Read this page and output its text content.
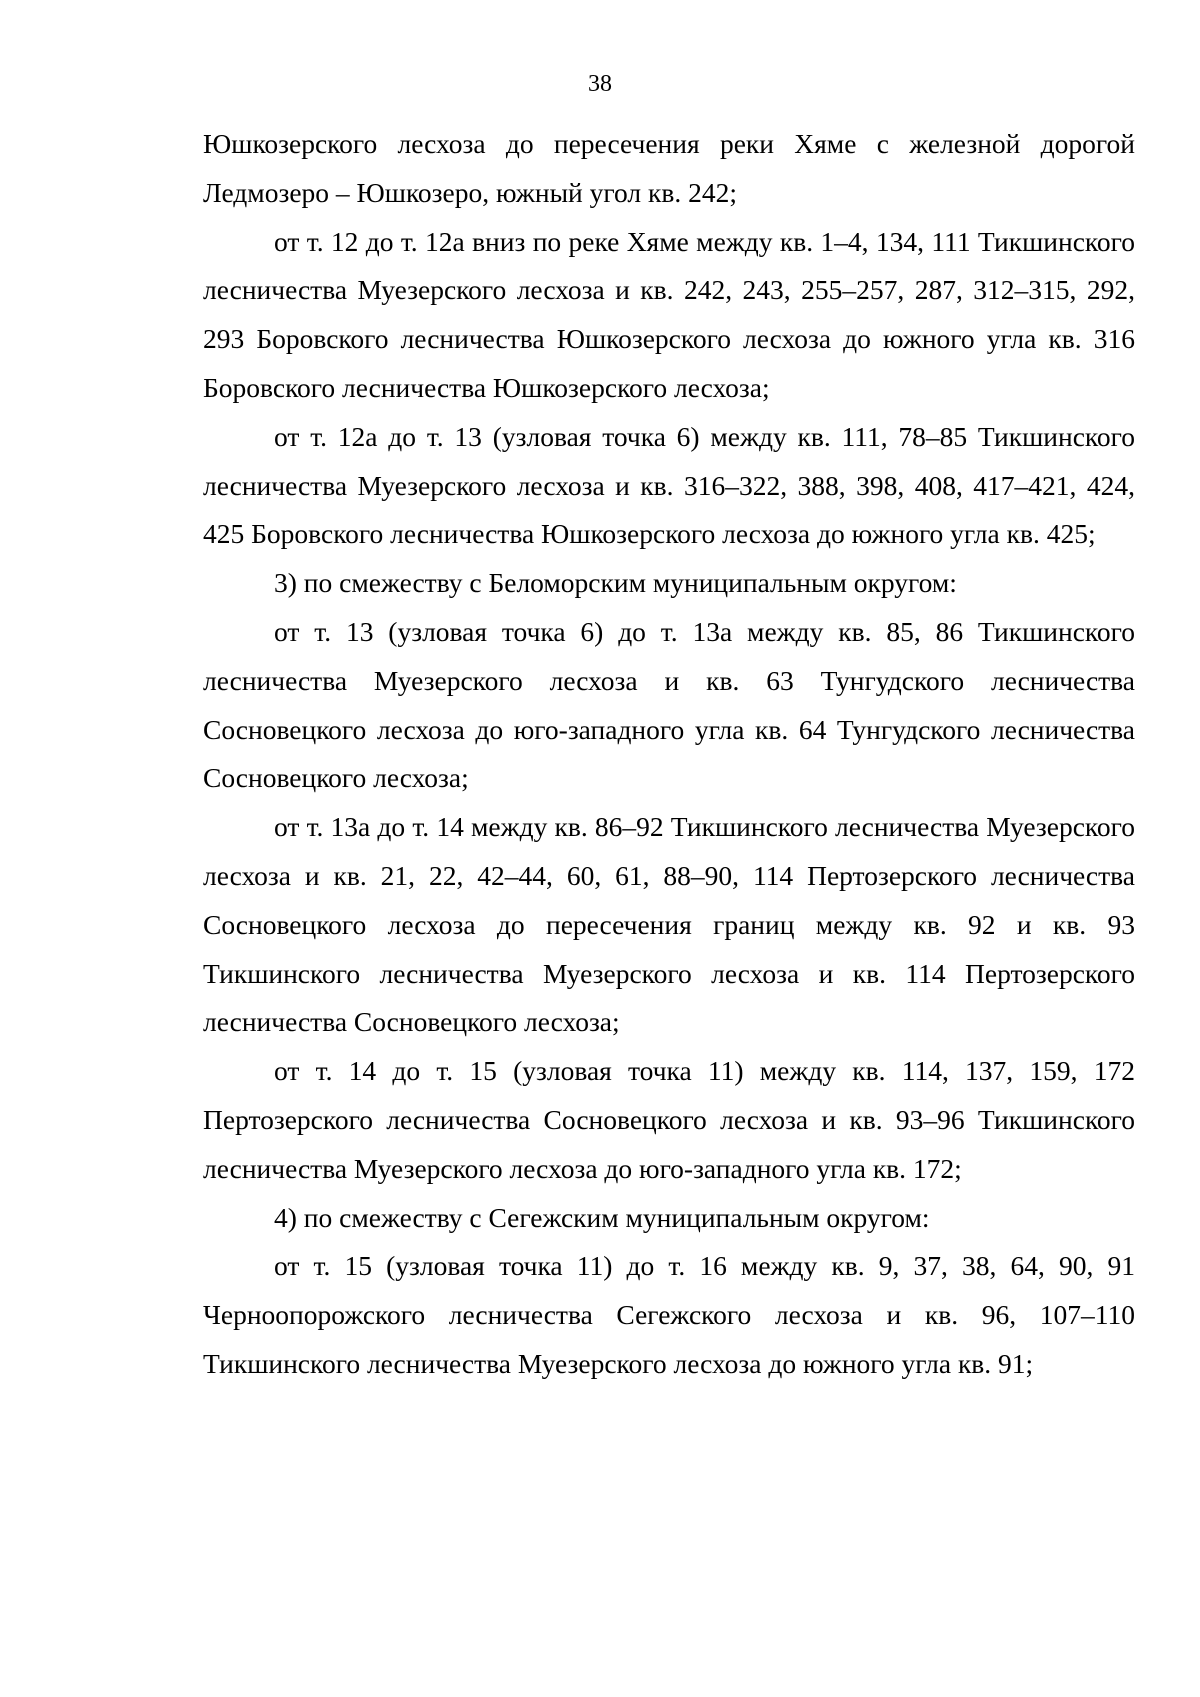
38

Юшкозерского лесхоза до пересечения реки Хяме с железной дорогой Ледмозеро – Юшкозеро, южный угол кв. 242;

от т. 12 до т. 12а вниз по реке Хяме между кв. 1–4, 134, 111 Тикшинского лесничества Муезерского лесхоза и кв. 242, 243, 255–257, 287, 312–315, 292, 293 Боровского лесничества Юшкозерского лесхоза до южного угла кв. 316 Боровского лесничества Юшкозерского лесхоза;

от т. 12а до т. 13 (узловая точка 6) между кв. 111, 78–85 Тикшинского лесничества Муезерского лесхоза и кв. 316–322, 388, 398, 408, 417–421, 424, 425 Боровского лесничества Юшкозерского лесхоза до южного угла кв. 425;

3) по смежеству с Беломорским муниципальным округом:

от т. 13 (узловая точка 6) до т. 13а между кв. 85, 86 Тикшинского лесничества Муезерского лесхоза и кв. 63 Тунгудского лесничества Сосновецкого лесхоза до юго-западного угла кв. 64 Тунгудского лесничества Сосновецкого лесхоза;

от т. 13а до т. 14 между кв. 86–92 Тикшинского лесничества Муезерского лесхоза и кв. 21, 22, 42–44, 60, 61, 88–90, 114 Пертозерского лесничества Сосновецкого лесхоза до пересечения границ между кв. 92 и кв. 93 Тикшинского лесничества Муезерского лесхоза и кв. 114 Пертозерского лесничества Сосновецкого лесхоза;

от т. 14 до т. 15 (узловая точка 11) между кв. 114, 137, 159, 172 Пертозерского лесничества Сосновецкого лесхоза и кв. 93–96 Тикшинского лесничества Муезерского лесхоза до юго-западного угла кв. 172;

4) по смежеству с Сегежским муниципальным округом:

от т. 15 (узловая точка 11) до т. 16 между кв. 9, 37, 38, 64, 90, 91 Черноопорожского лесничества Сегежского лесхоза и кв. 96, 107–110 Тикшинского лесничества Муезерского лесхоза до южного угла кв. 91;
